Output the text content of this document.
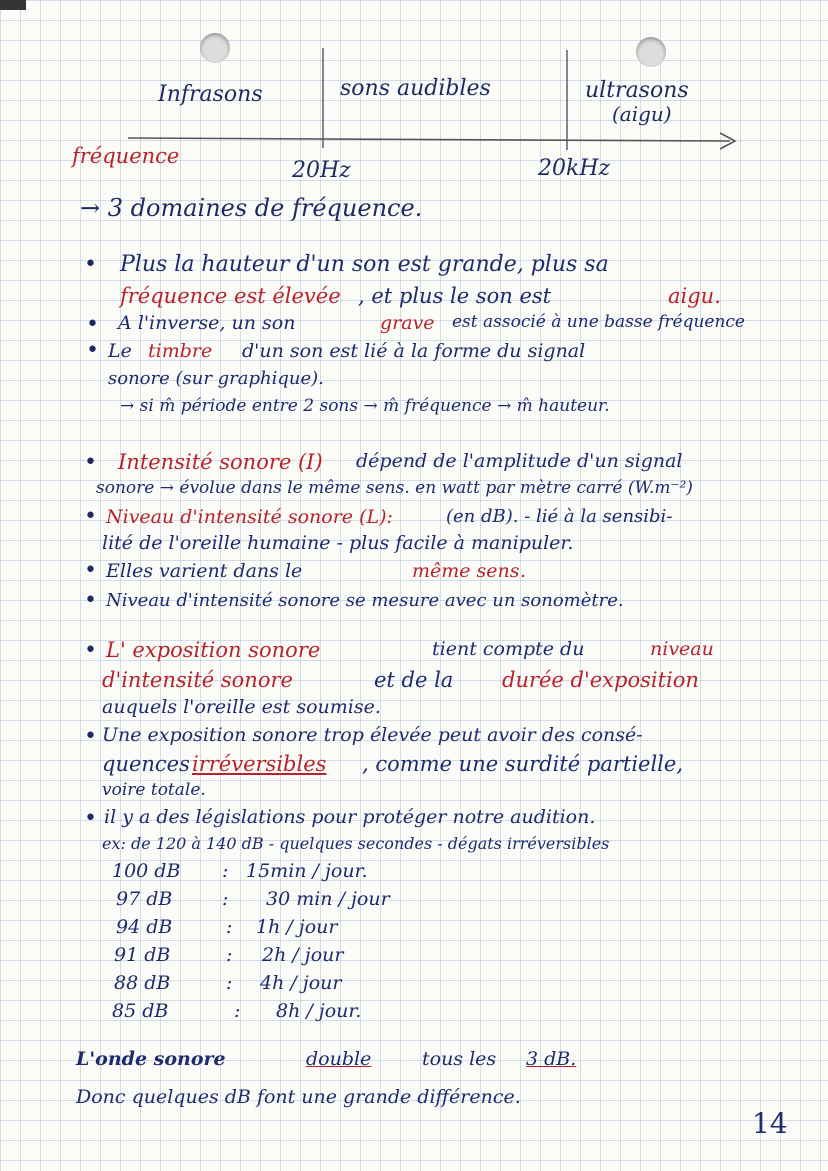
Infrasons	sons audibles	ultrasons
(aigu)
fréquence
20Hz	20kHz
→ 3 domaines de fréquence.
• Plus la hauteur d'un son est grande, plus sa
fréquence est élevée , et plus le son est	aigu.
• A l'inverse, un son	grave est associé à une basse fréquence
• Le timbre d'un son est lié à la forme du signal
sonore (sur graphique).
→ si m̂ période entre 2 sons → m̂ fréquence → m̂ hauteur.
• Intensité sonore (I) dépend de l'amplitude d'un signal
sonore → évolue dans le même sens. en watt par mètre carré (W.m⁻²)
• Niveau d'intensité sonore (L):	(en dB). - lié à la sensibi-
lité de l'oreille humaine - plus facile à manipuler.
• Elles varient dans le	même sens .
• Niveau d'intensité sonore se mesure avec un sonomètre.
• L' exposition sonore	tient compte du	niveau
d'intensité sonore	et de la durée d'exposition
auquels l'oreille est soumise.
• Une exposition sonore trop élevée peut avoir des consé-
quences irréversibles , comme une surdité partielle,
voire totale.
• il y a des législations pour protéger notre audition.
ex: de 120 à 140 dB - quelques secondes - dégats irréversibles
100 dB : 15min / jour.
97 dB	: 30 min / jour
94 dB	: 1h / jour
91 dB	: 2h / jour
88 dB	: 4h / jour
85 dB	: 8h / jour.
L'onde sonore	double	tous les 3 dB.
Donc quelques dB font une grande différence.
14
